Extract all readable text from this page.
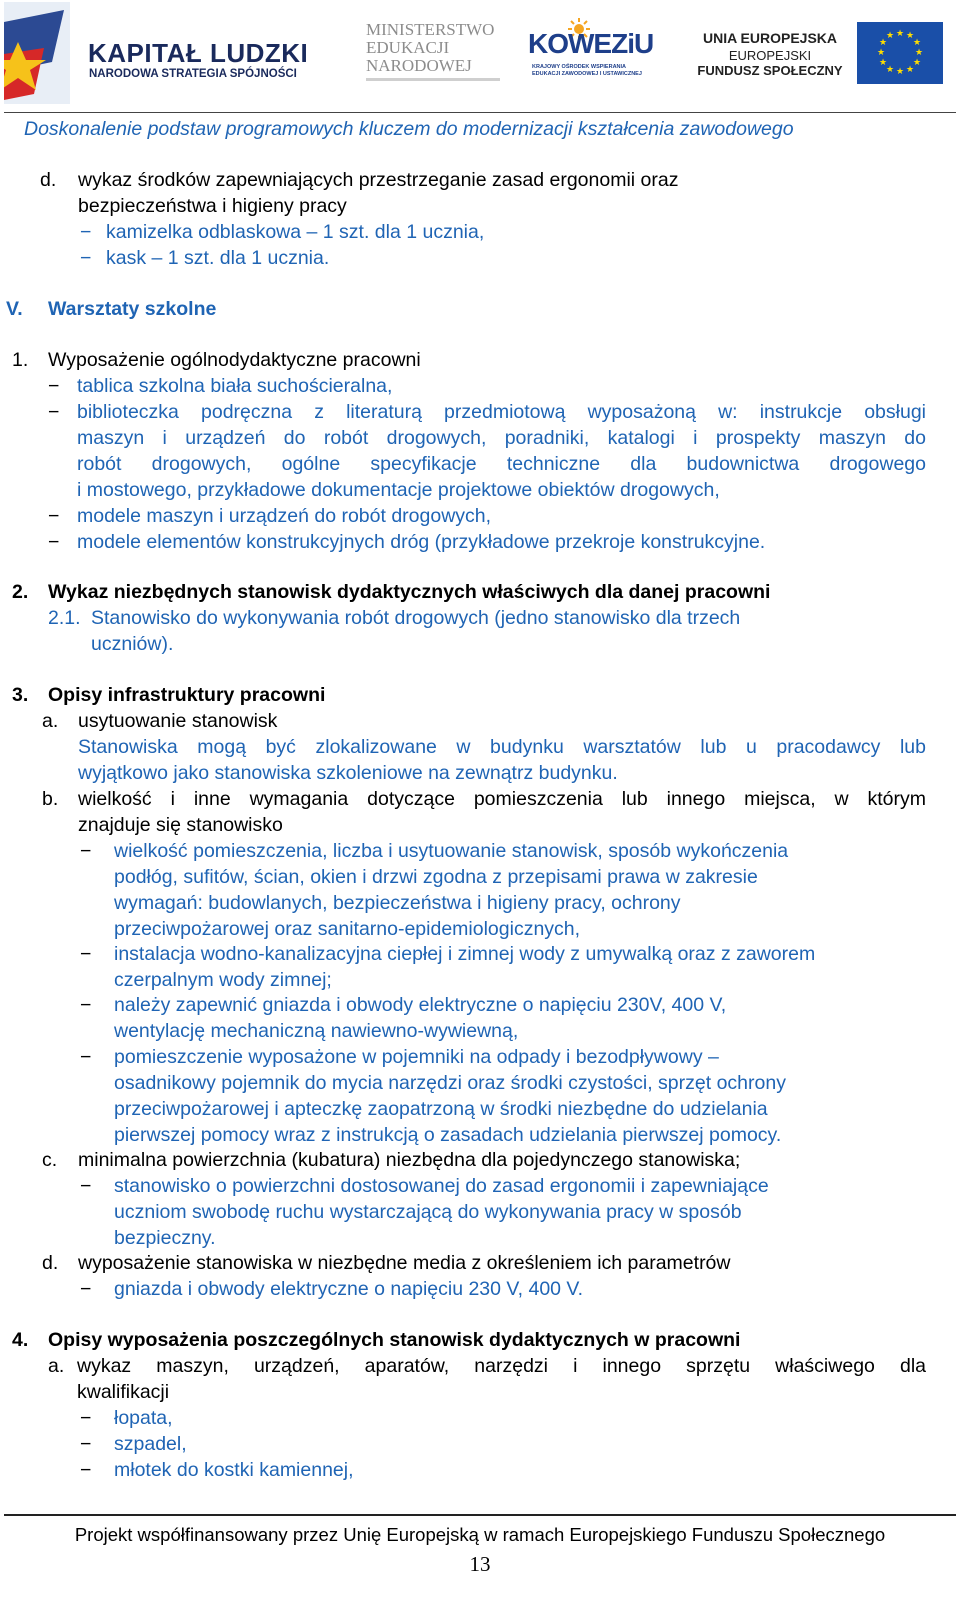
KAPITAŁ LUDZKI
NARODOWA STRATEGIA SPÓJNOŚCI
MINISTERSTWO
EDUKACJI
NARODOWEJ
KOWEZiU
KRAJOWY OŚRODEK WSPIERANIA
EDUKACJI ZAWODOWEJ I USTAWICZNEJ
UNIA EUROPEJSKA
EUROPEJSKI
FUNDUSZ SPOŁECZNY
★ ★
★
★
★
★
★
★
★
★
★
★
Doskonalenie podstaw programowych kluczem do modernizacji kształcenia zawodowego
d. wykaz środków zapewniających przestrzeganie zasad ergonomii oraz
bezpieczeństwa i higieny pracy
− kamizelka odblaskowa – 1 szt. dla 1 ucznia,
− kask – 1 szt. dla 1 ucznia.
V. Warsztaty szkolne
1. Wyposażenie ogólnodydaktyczne pracowni
− tablica szkolna biała suchościeralna,
− biblioteczka podręczna z literaturą przedmiotową wyposażoną w: instrukcje obsługi
maszyn i urządzeń do robót drogowych, poradniki, katalogi i prospekty maszyn do
robót drogowych, ogólne specyfikacje techniczne dla budownictwa drogowego
i mostowego, przykładowe dokumentacje projektowe obiektów drogowych,
− modele maszyn i urządzeń do robót drogowych,
− modele elementów konstrukcyjnych dróg (przykładowe przekroje konstrukcyjne.
2. Wykaz niezbędnych stanowisk dydaktycznych właściwych dla danej pracowni
2.1. Stanowisko do wykonywania robót drogowych (jedno stanowisko dla trzech
uczniów).
3. Opisy infrastruktury pracowni
a. usytuowanie stanowisk
Stanowiska mogą być zlokalizowane w budynku warsztatów lub u pracodawcy lub
wyjątkowo jako stanowiska szkoleniowe na zewnątrz budynku.
b. wielkość i inne wymagania dotyczące pomieszczenia lub innego miejsca, w którym
znajduje się stanowisko
− wielkość pomieszczenia, liczba i usytuowanie stanowisk, sposób wykończenia
podłóg, sufitów, ścian, okien i drzwi zgodna z przepisami prawa w zakresie
wymagań: budowlanych, bezpieczeństwa i higieny pracy, ochrony
przeciwpożarowej oraz sanitarno-epidemiologicznych,
− instalacja wodno-kanalizacyjna ciepłej i zimnej wody z umywalką oraz z zaworem
czerpalnym wody zimnej;
− należy zapewnić gniazda i obwody elektryczne o napięciu 230V, 400 V,
wentylację mechaniczną nawiewno-wywiewną,
− pomieszczenie wyposażone w pojemniki na odpady i bezodpływowy –
osadnikowy pojemnik do mycia narzędzi oraz środki czystości, sprzęt ochrony
przeciwpożarowej i apteczkę zaopatrzoną w środki niezbędne do udzielania
pierwszej pomocy wraz z instrukcją o zasadach udzielania pierwszej pomocy.
c. minimalna powierzchnia (kubatura) niezbędna dla pojedynczego stanowiska;
− stanowisko o powierzchni dostosowanej do zasad ergonomii i zapewniające
uczniom swobodę ruchu wystarczającą do wykonywania pracy w sposób
bezpieczny.
d. wyposażenie stanowiska w niezbędne media z określeniem ich parametrów
− gniazda i obwody elektryczne o napięciu 230 V, 400 V.
4. Opisy wyposażenia poszczególnych stanowisk dydaktycznych w pracowni
a. wykaz maszyn, urządzeń, aparatów, narzędzi i innego sprzętu właściwego dla
kwalifikacji
− łopata,
− szpadel,
− młotek do kostki kamiennej,
Projekt współfinansowany przez Unię Europejską w ramach Europejskiego Funduszu Społecznego
13
